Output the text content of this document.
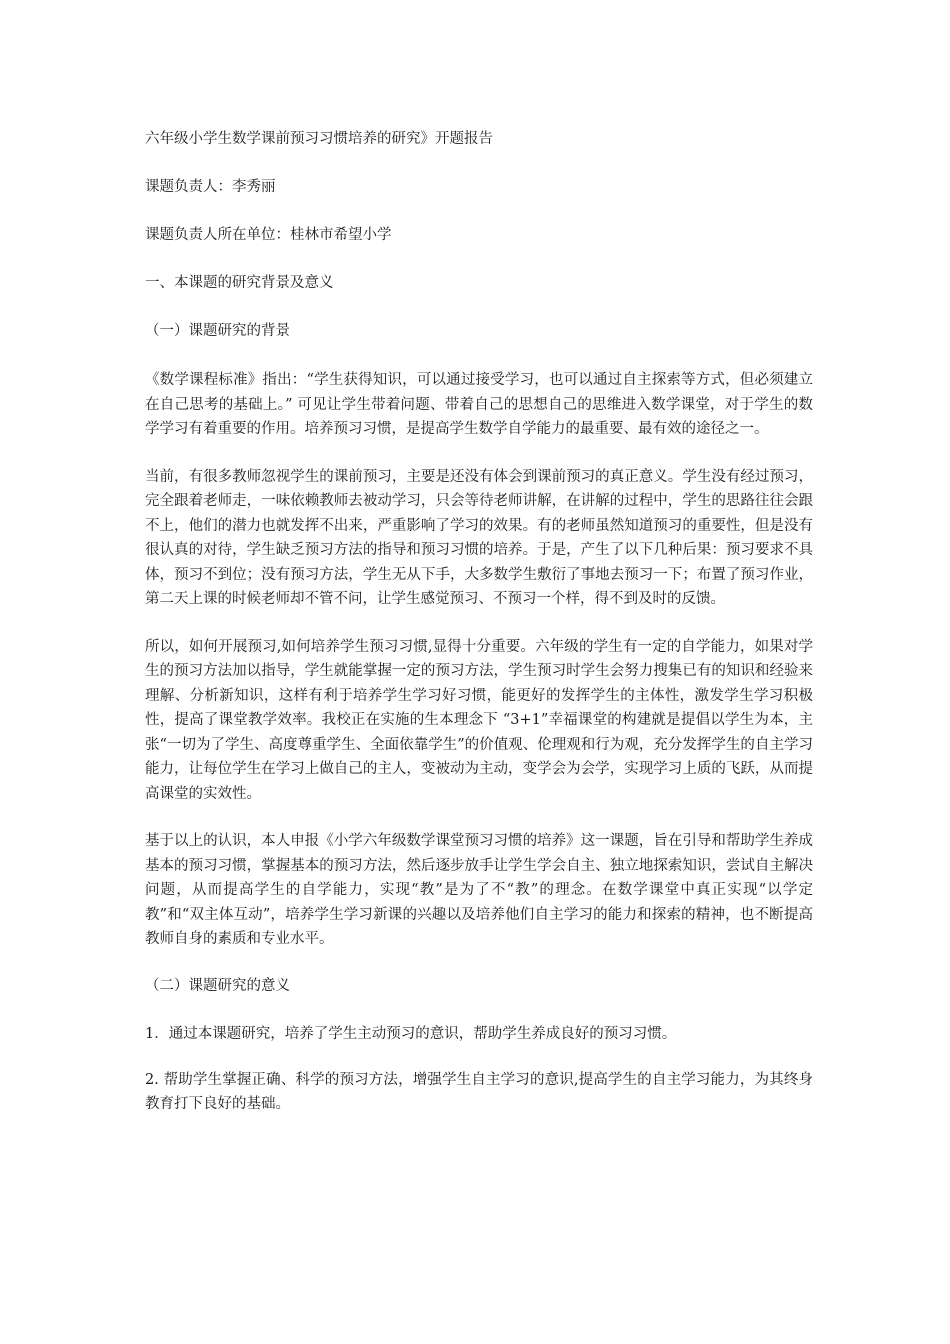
六年级小学生数学课前预习习惯培养的研究》开题报告

课题负责人：李秀丽

课题负责人所在单位：桂林市希望小学

一、本课题的研究背景及意义

（一）课题研究的背景

《数学课程标准》指出：“学生获得知识，可以通过接受学习，也可以通过自主探索等方式，但必须建立在自己思考的基础上。” 可见让学生带着问题、带着自己的思想自己的思维进入数学课堂，对于学生的数学学习有着重要的作用。培养预习习惯，是提高学生数学自学能力的最重要、最有效的途径之一。

当前，有很多教师忽视学生的课前预习，主要是还没有体会到课前预习的真正意义。学生没有经过预习，完全跟着老师走，一味依赖教师去被动学习，只会等待老师讲解，在讲解的过程中，学生的思路往往会跟不上，他们的潜力也就发挥不出来，严重影响了学习的效果。有的老师虽然知道预习的重要性，但是没有很认真的对待，学生缺乏预习方法的指导和预习习惯的培养。于是，产生了以下几种后果：预习要求不具体，预习不到位；没有预习方法，学生无从下手，大多数学生敷衍了事地去预习一下；布置了预习作业，第二天上课的时候老师却不管不问，让学生感觉预习、不预习一个样，得不到及时的反馈。

所以，如何开展预习,如何培养学生预习习惯,显得十分重要。六年级的学生有一定的自学能力，如果对学生的预习方法加以指导，学生就能掌握一定的预习方法，学生预习时学生会努力搜集已有的知识和经验来理解、分析新知识，这样有利于培养学生学习好习惯，能更好的发挥学生的主体性，激发学生学习积极性，提高了课堂教学效率。我校正在实施的生本理念下 “3+1”幸福课堂的构建就是提倡以学生为本，主张“一切为了学生、高度尊重学生、全面依靠学生”的价值观、伦理观和行为观，充分发挥学生的自主学习能力，让每位学生在学习上做自己的主人，变被动为主动，变学会为会学，实现学习上质的飞跃，从而提高课堂的实效性。

基于以上的认识，本人申报《小学六年级数学课堂预习习惯的培养》这一课题，旨在引导和帮助学生养成基本的预习习惯，掌握基本的预习方法，然后逐步放手让学生学会自主、独立地探索知识，尝试自主解决问题，从而提高学生的自学能力，实现“教”是为了不“教”的理念。在数学课堂中真正实现“以学定教”和“双主体互动”，培养学生学习新课的兴趣以及培养他们自主学习的能力和探索的精神，也不断提高教师自身的素质和专业水平。

（二）课题研究的意义

1．通过本课题研究，培养了学生主动预习的意识，帮助学生养成良好的预习习惯。

2. 帮助学生掌握正确、科学的预习方法，增强学生自主学习的意识,提高学生的自主学习能力，为其终身教育打下良好的基础。
